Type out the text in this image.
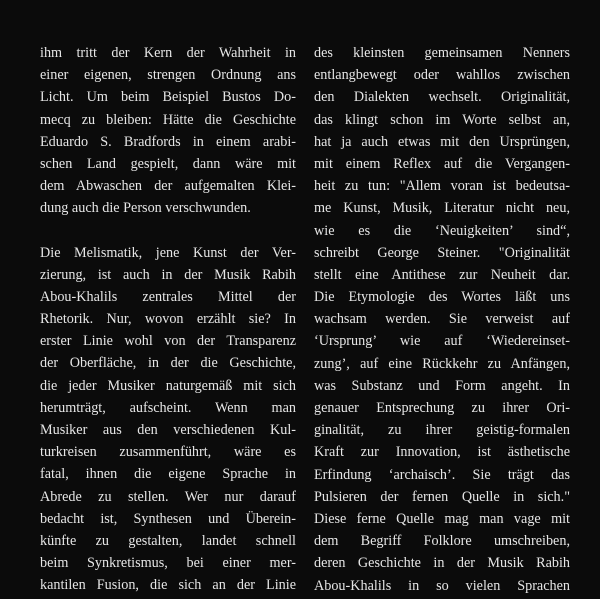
ihm tritt der Kern der Wahrheit in
einer eigenen, strengen Ordnung ans
Licht. Um beim Beispiel Bustos Do-
mecq zu bleiben: Hätte die Geschichte
Eduardo S. Bradfords in einem arabi-
schen Land gespielt, dann wäre mit
dem Abwaschen der aufgemalten Klei-
dung auch die Person verschwunden.
Die Melismatik, jene Kunst der Ver-
zierung, ist auch in der Musik Rabih
Abou-Khalils zentrales Mittel der
Rhetorik. Nur, wovon erzählt sie? In
erster Linie wohl von der Transparenz
der Oberfläche, in der die Geschichte,
die jeder Musiker naturgemäß mit sich
herumträgt, aufscheint. Wenn man
Musiker aus den verschiedenen Kul-
turkreisen zusammenführt, wäre es
fatal, ihnen die eigene Sprache in
Abrede zu stellen. Wer nur darauf
bedacht ist, Synthesen und Überein-
künfte zu gestalten, landet schnell
beim Synkretismus, bei einer mer-
kantilen Fusion, die sich an der Linie
des kleinsten gemeinsamen Nenners
entlangbewegt oder wahllos zwischen
den Dialekten wechselt. Originalität,
das klingt schon im Worte selbst an,
hat ja auch etwas mit den Ursprüngen,
mit einem Reflex auf die Vergangen-
heit zu tun: "Allem voran ist bedeutsa-
me Kunst, Musik, Literatur nicht neu,
wie es die ‘Neuigkeiten’ sind“,
schreibt George Steiner. "Originalität
stellt eine Antithese zur Neuheit dar.
Die Etymologie des Wortes läßt uns
wachsam werden. Sie verweist auf
‘Ursprung’ wie auf ‘Wiedereinset-
zung’, auf eine Rückkehr zu Anfängen,
was Substanz und Form angeht. In
genauer Entsprechung zu ihrer Ori-
ginalität, zu ihrer geistig-formalen
Kraft zur Innovation, ist ästhetische
Erfindung ‘archaisch’. Sie trägt das
Pulsieren der fernen Quelle in sich."
Diese ferne Quelle mag man vage mit
dem Begriff Folklore umschreiben,
deren Geschichte in der Musik Rabih
Abou-Khalils in so vielen Sprachen
